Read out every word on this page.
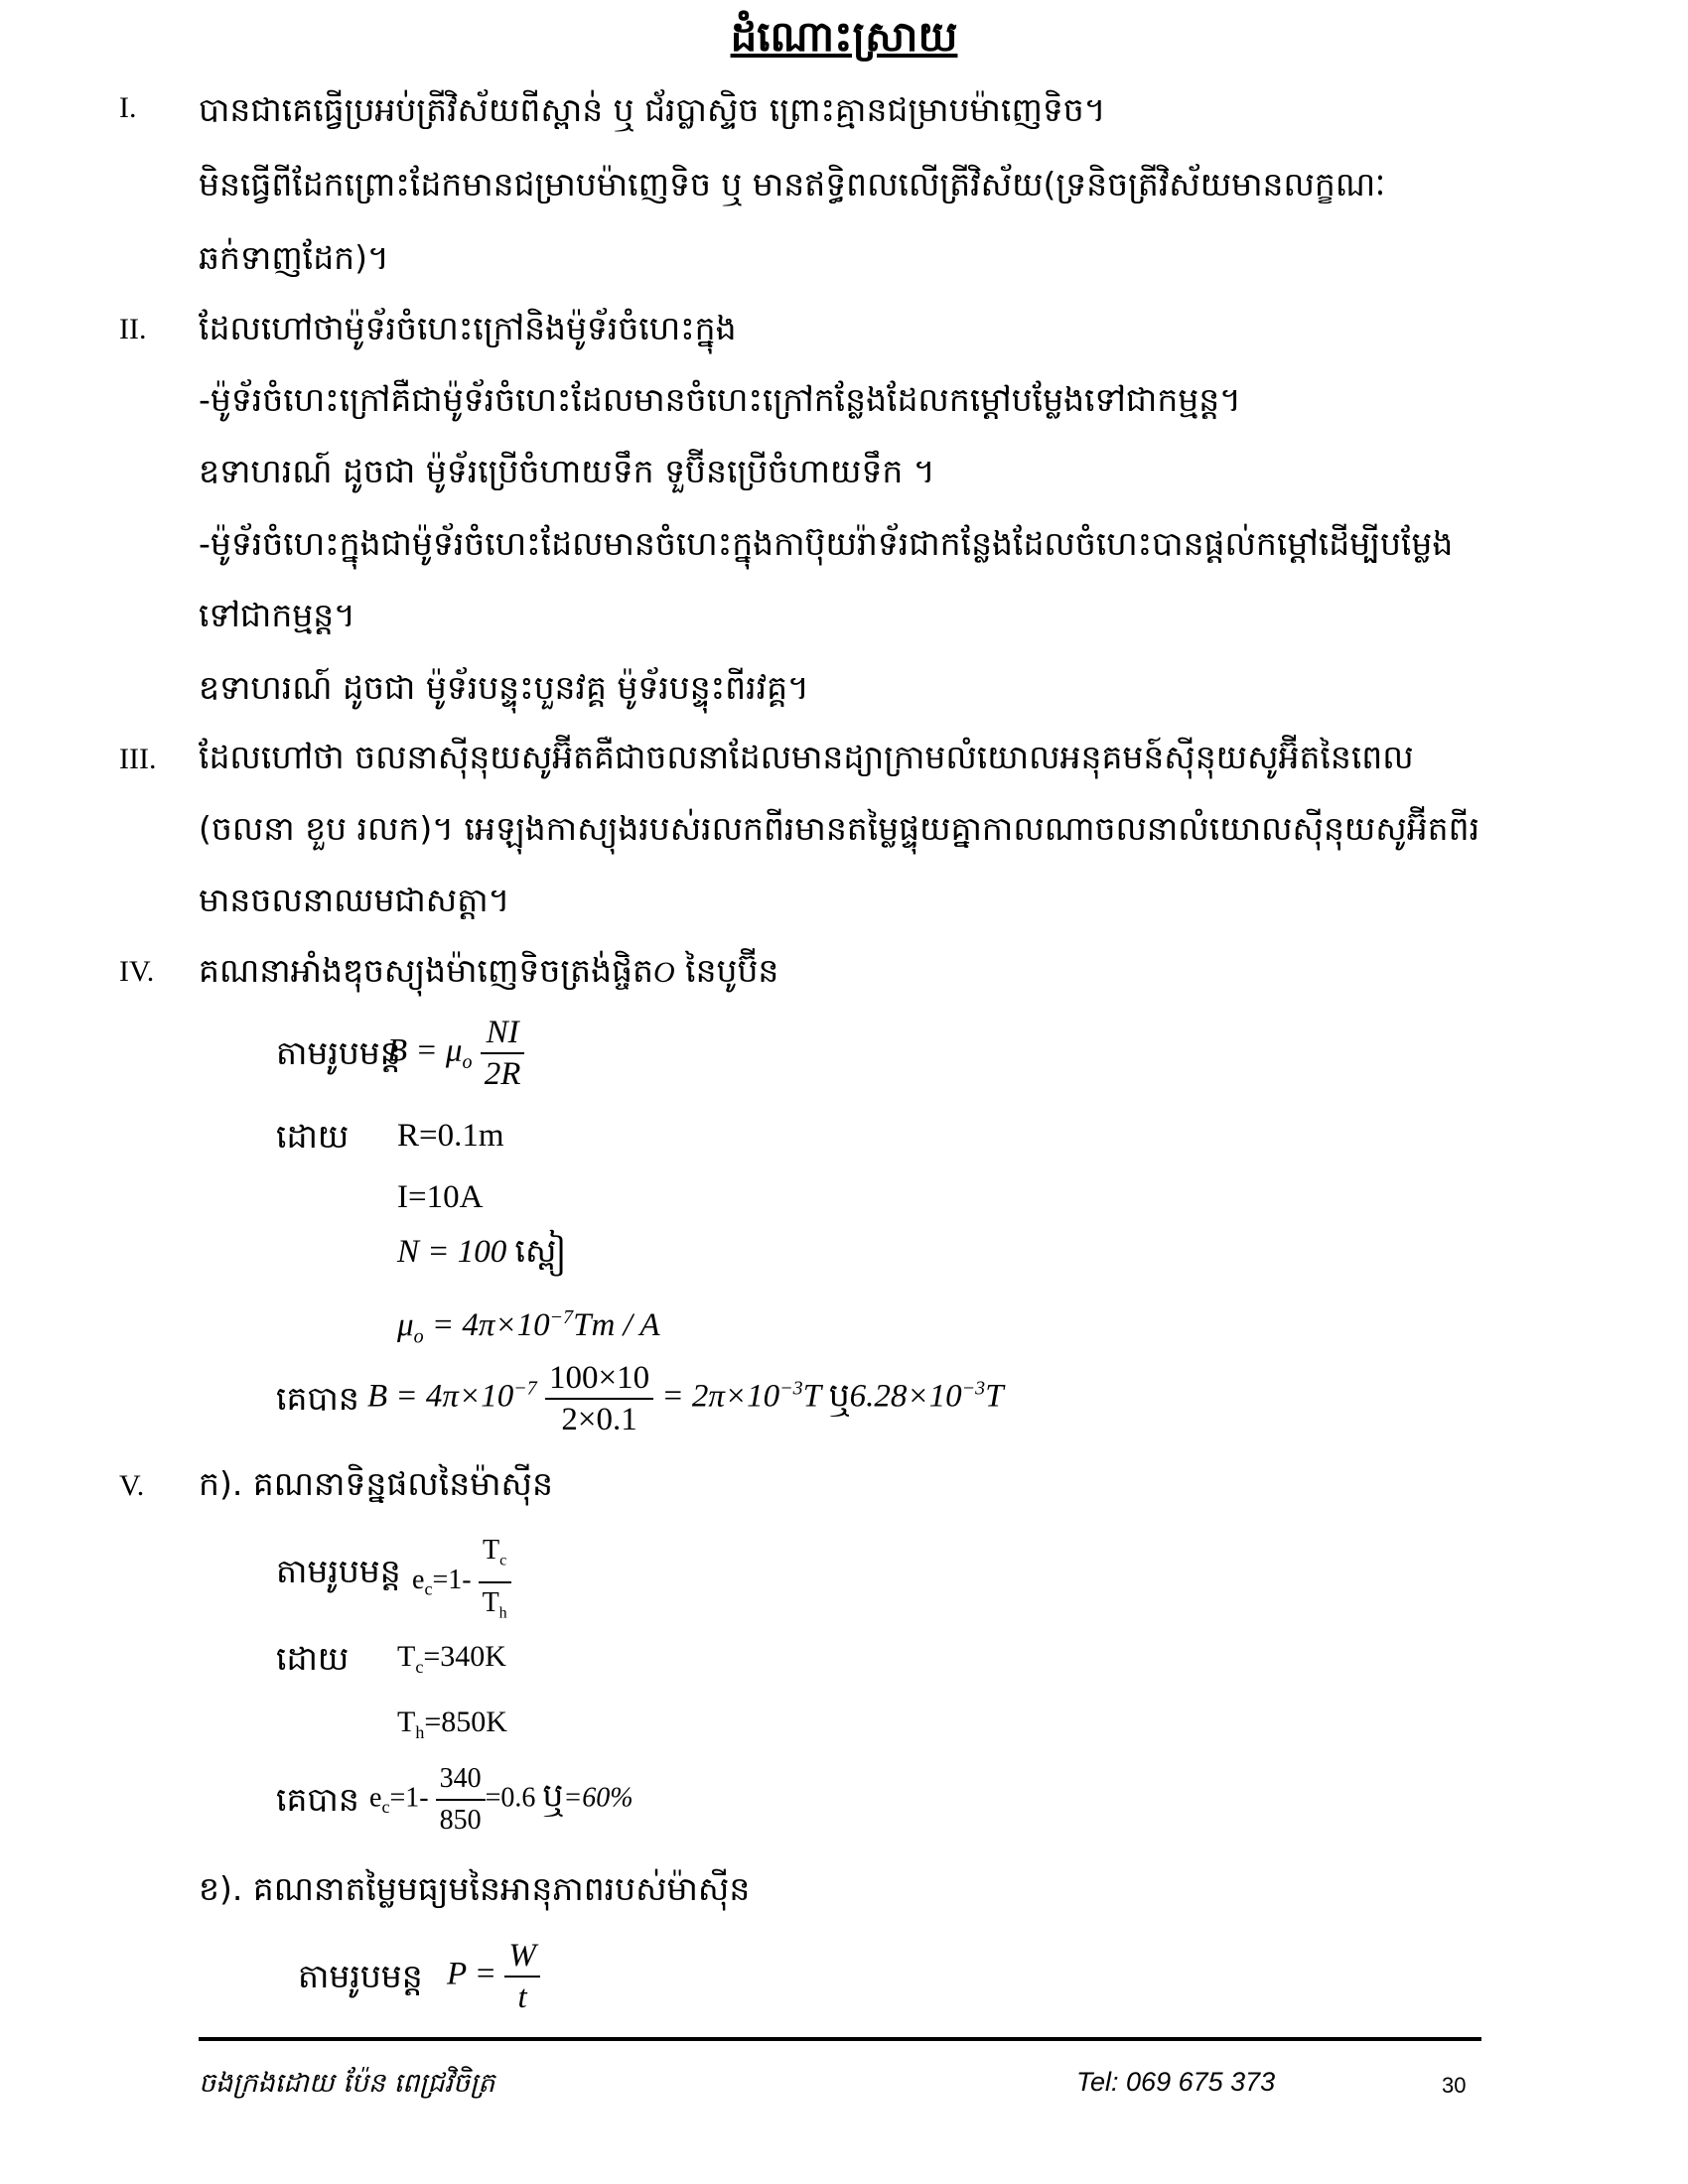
ដំណោះស្រាយ
I.	បានជាគេធ្វើប្រអប់ត្រីវិស័យពីស្ពាន់ ឬ ជ័រប្លាស្ទិច ព្រោះគ្មានជម្រាបម៉ាញេទិច។
មិនធ្វើពីដែកព្រោះដែកមានជម្រាបម៉ាញេទិច ឬ មានឥទ្ធិពលលើត្រីវិស័យ(ទ្រនិចត្រីវិស័យមានលក្ខណៈ
ឆក់ទាញដែក)។
II.	ដែលហៅថាម៉ូទ័រចំហេះក្រៅនិងម៉ូទ័រចំហេះក្នុង
-ម៉ូទ័រចំហេះក្រៅគឺជាម៉ូទ័រចំហេះដែលមានចំហេះក្រៅកន្លែងដែលកម្តៅបម្លែងទៅជាកម្មន្ត។
ឧទាហរណ៍ ដូចជា ម៉ូទ័រប្រើចំហាយទឹក ទួប៊ីនប្រើចំហាយទឹក ។
-ម៉ូទ័រចំហេះក្នុងជាម៉ូទ័រចំហេះដែលមានចំហេះក្នុងកាប៊ុយរ៉ាទ័រជាកន្លែងដែលចំហេះបានផ្តល់កម្តៅដើម្បីបម្លែង
ទៅជាកម្មន្ត។
ឧទាហរណ៍ ដូចជា ម៉ូទ័របន្ទុះបួនវគ្គ ម៉ូទ័របន្ទុះពីរវគ្គ។
III.	ដែលហៅថា ចលនាស៊ីនុយសូអ៊ីតគឺជាចលនាដែលមានដ្យាក្រាមលំយោលអនុគមន៍ស៊ីនុយសូអ៊ីតនៃពេល
(ចលនា ខួប រលក)។ អេឡុងកាស្យុងរបស់រលកពីរមានតម្លៃផ្ទុយគ្នាកាលណាចលនាលំយោលស៊ីនុយសូអ៊ីតពីរ
មានចលនាឈមជាសត្តា។
IV.	គណនាអាំងឌុចស្យុងម៉ាញេទិចត្រង់ផ្ចិតO នៃបូប៊ីន
តាមរូបមន្ត
$B = \mu_o \frac{NI}{2R}$
ដោយ R=0.1m
I=10A
N = 100 ស្ពៀ
$\mu_o = 4\pi\times 10^{-7}Tm / A$
គេបាន $B = 4\pi\times 10^{-7} \frac{100\times 10}{2\times 0.1} = 2\pi\times 10^{-3}T$ ឬ$6.28\times 10^{-3}T$
V.	ក). គណនាទិន្នផលនៃម៉ាស៊ីន
តាមរូបមន្ត $e_c=1- \frac{T_c}{T_h}$
ដោយ $T_c=340K$
$T_h=850K$
គេបាន $e_c=1- \frac{340}{850} =0.6$ ឬ=60%
ខ). គណនាតម្លៃមធ្យមនៃអានុភាពរបស់ម៉ាស៊ីន
តាមរូបមន្ត $P = \frac{W}{t}$
ចងក្រងដោយ ប៉ែន ពេជ្រវិចិត្រ	Tel: 069 675 373	30
